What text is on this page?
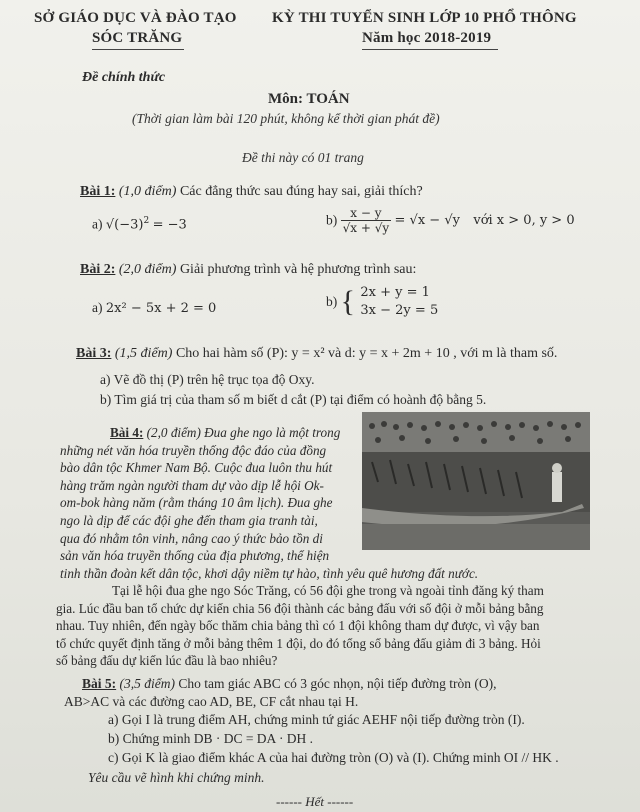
SỞ GIÁO DỤC VÀ ĐÀO TẠO
SÓC TRĂNG
KỲ THI TUYỂN SINH LỚP 10 PHỔ THÔNG
Năm học 2018-2019
Đề chính thức
Môn: TOÁN
(Thời gian làm bài 120 phút, không kể thời gian phát đề)
Đề thi này có 01 trang
Bài 1: (1,0 điểm) Các đẳng thức sau đúng hay sai, giải thích?
a) $√(-3)^2 = -3$	$b) \frac{x - y}{√x + √y} = √x - √y$ với x > 0, y > 0
Bài 2: (2,0 điểm) Giải phương trình và hệ phương trình sau:
a) 2x² − 5x + 2 = 0	b) { 2x + y = 1
3x − 2y = 5
Bài 3: (1,5 điểm) Cho hai hàm số (P): y = x² và d: y = x + 2m + 10 , với m là tham số.
a) Vẽ đồ thị (P) trên hệ trục tọa độ Oxy.
b) Tìm giá trị của tham số m biết d cắt (P) tại điểm có hoành độ bằng 5.
Bài 4: (2,0 điểm) Đua ghe ngo là một trong
những nét văn hóa truyền thống độc đáo của đồng
bào dân tộc Khmer Nam Bộ. Cuộc đua luôn thu hút
hàng trăm ngàn người tham dự vào dịp lễ hội Ok-
om-bok hàng năm (rằm tháng 10 âm lịch). Đua ghe
ngo là dịp để các đội ghe đến tham gia tranh tài,
qua đó nhằm tôn vinh, nâng cao ý thức bảo tồn di
sản văn hóa truyền thống của địa phương, thể hiện
tinh thần đoàn kết dân tộc, khơi dậy niềm tự hào, tình yêu quê hương đất nước.
Tại lễ hội đua ghe ngo Sóc Trăng, có 56 đội ghe trong và ngoài tỉnh đăng ký tham
gia. Lúc đầu ban tổ chức dự kiến chia 56 đội thành các bảng đấu với số đội ở mỗi bảng bằng
nhau. Tuy nhiên, đến ngày bốc thăm chia bảng thì có 1 đội không tham dự được, vì vậy ban
tổ chức quyết định tăng ở mỗi bảng thêm 1 đội, do đó tổng số bảng đấu giảm đi 3 bảng. Hỏi
số bảng đấu dự kiến lúc đầu là bao nhiêu?
Bài 5: (3,5 điểm) Cho tam giác ABC có 3 góc nhọn, nội tiếp đường tròn (O),
AB>AC và các đường cao AD, BE, CF cắt nhau tại H.
a) Gọi I là trung điểm AH, chứng minh tứ giác AEHF nội tiếp đường tròn (I).
b) Chứng minh DB · DC = DA · DH .
c) Gọi K là giao điểm khác A của hai đường tròn (O) và (I). Chứng minh OI // HK .
Yêu cầu vẽ hình khi chứng minh.
------ Hết ------
